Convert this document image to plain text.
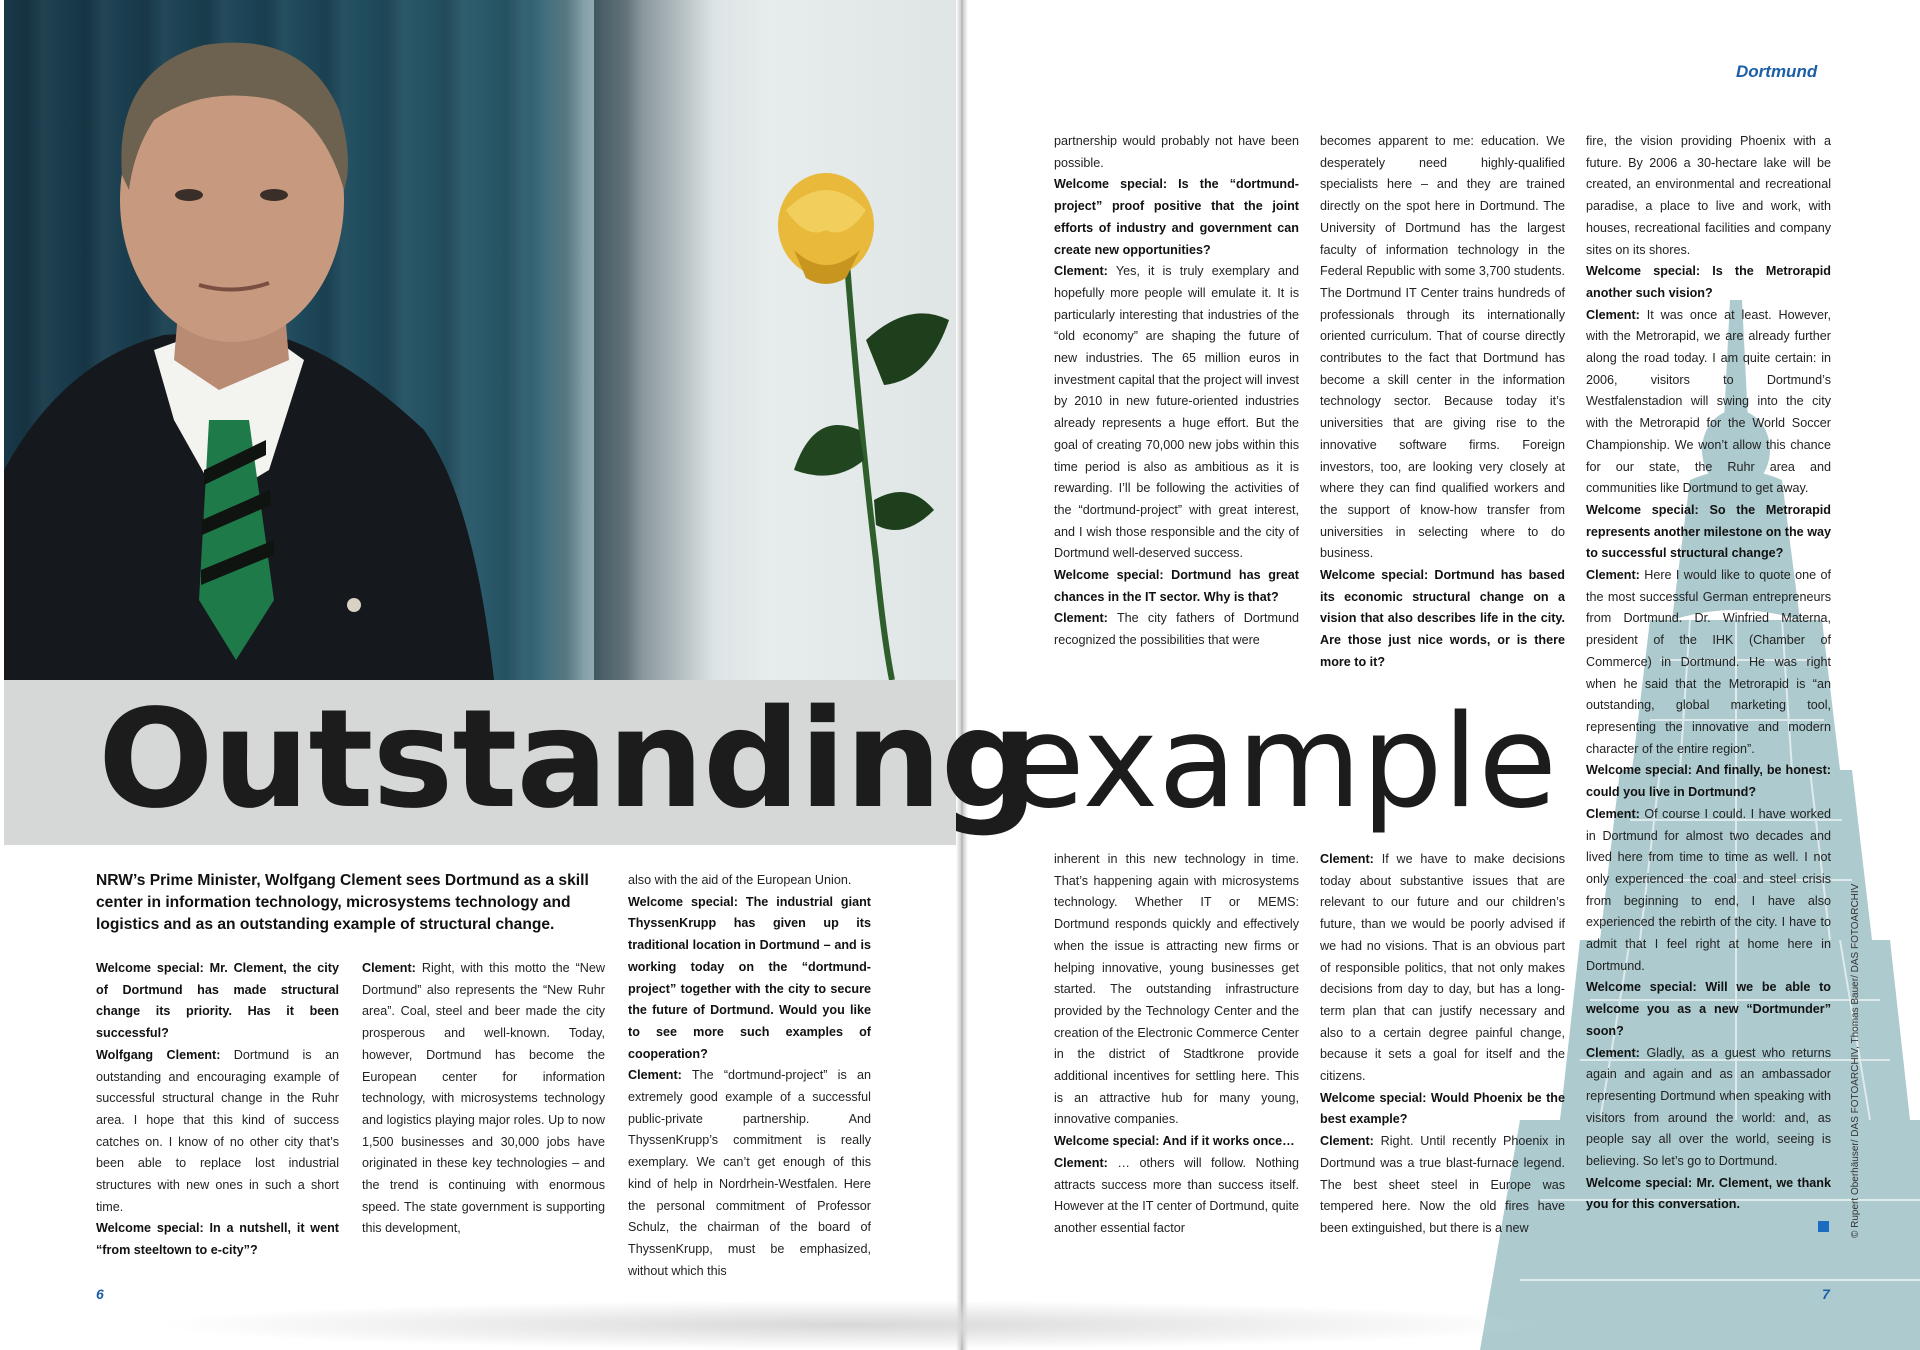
NRW’s Prime Minister, Wolfgang Clement sees Dortmund as a skill center in information technology, microsystems technology and logistics and as an outstanding example of structural change.

Welcome special: Mr. Clement, the city of Dortmund has made structural change its priority. Has it been successful?

Wolfgang Clement: Dortmund is an outstanding and encouraging example of successful structural change in the Ruhr area. I hope that this kind of success catches on. I know of no other city that’s been able to replace lost industrial structures with new ones in such a short time.

Welcome special: In a nutshell, it went “from steeltown to e-city”?

Clement: Right, with this motto the “New Dortmund” also represents the “New Ruhr area”. Coal, steel and beer made the city prosperous and well-known. Today, however, Dortmund has become the European center for information technology, with microsystems technology and logistics playing major roles. Up to now 1,500 businesses and 30,000 jobs have originated in these key technologies – and the trend is continuing with enormous speed. The state government is supporting this development,

also with the aid of the European Union.

Welcome special: The industrial giant ThyssenKrupp has given up its traditional location in Dortmund – and is working today on the “dortmund-project” together with the city to secure the future of Dortmund. Would you like to see more such examples of cooperation?

Clement: The “dortmund-project” is an extremely good example of a successful public-private partnership. And ThyssenKrupp’s commitment is really exemplary. We can’t get enough of this kind of help in Nordrhein-Westfalen. Here the personal commitment of Professor Schulz, the chairman of the board of ThyssenKrupp, must be emphasized, without which this

6
Dortmund

partnership would probably not have been possible.

Welcome special: Is the “dortmund-project” proof positive that the joint efforts of industry and government can create new opportunities?

Clement: Yes, it is truly exemplary and hopefully more people will emulate it. It is particularly interesting that industries of the “old economy” are shaping the future of new industries. The 65 million euros in investment capital that the project will invest by 2010 in new future-oriented industries already represents a huge effort. But the goal of creating 70,000 new jobs within this time period is also as ambitious as it is rewarding. I’ll be following the activities of the “dortmund-project” with great interest, and I wish those responsible and the city of Dortmund well-deserved success.

Welcome special: Dortmund has great chances in the IT sector. Why is that?

Clement: The city fathers of Dortmund recognized the possibilities that were

becomes apparent to me: education. We desperately need highly-qualified specialists here – and they are trained directly on the spot here in Dortmund. The University of Dortmund has the largest faculty of information technology in the Federal Republic with some 3,700 students. The Dortmund IT Center trains hundreds of professionals through its internationally oriented curriculum. That of course directly contributes to the fact that Dortmund has become a skill center in the information technology sector. Because today it’s universities that are giving rise to the innovative software firms. Foreign investors, too, are looking very closely at where they can find qualified workers and the support of know-how transfer from universities in selecting where to do business.

Welcome special: Dortmund has based its economic structural change on a vision that also describes life in the city. Are those just nice words, or is there more to it?

inherent in this new technology in time. That’s happening again with microsystems technology. Whether IT or MEMS: Dortmund responds quickly and effectively when the issue is attracting new firms or helping innovative, young businesses get started. The outstanding infrastructure provided by the Technology Center and the creation of the Electronic Commerce Center in the district of Stadtkrone provide additional incentives for settling here. This is an attractive hub for many young, innovative companies.

Welcome special: And if it works once…

Clement: … others will follow. Nothing attracts success more than success itself. However at the IT center of Dortmund, quite another essential factor

Clement: If we have to make decisions today about substantive issues that are relevant to our future and our children’s future, than we would be poorly advised if we had no visions. That is an obvious part of responsible politics, that not only makes decisions from day to day, but has a long-term plan that can justify necessary and also to a certain degree painful change, because it sets a goal for itself and the citizens.

Welcome special: Would Phoenix be the best example?

Clement: Right. Until recently Phoenix in Dortmund was a true blast-furnace legend. The best sheet steel in Europe was tempered here. Now the old fires have been extinguished, but there is a new

fire, the vision providing Phoenix with a future. By 2006 a 30-hectare lake will be created, an environmental and recreational paradise, a place to live and work, with houses, recreational facilities and company sites on its shores.

Welcome special: Is the Metrorapid another such vision?

Clement: It was once at least. However, with the Metrorapid, we are already further along the road today. I am quite certain: in 2006, visitors to Dortmund’s Westfalenstadion will swing into the city with the Metrorapid for the World Soccer Championship. We won’t allow this chance for our state, the Ruhr area and communities like Dortmund to get away.

Welcome special: So the Metrorapid represents another milestone on the way to successful structural change?

Clement: Here I would like to quote one of the most successful German entrepreneurs from Dortmund. Dr. Winfried Materna, president of the IHK (Chamber of Commerce) in Dortmund. He was right when he said that the Metrorapid is “an outstanding, global marketing tool, representing the innovative and modern character of the entire region”.

Welcome special: And finally, be honest: could you live in Dortmund?

Clement: Of course I could. I have worked in Dortmund for almost two decades and lived here from time to time as well. I not only experienced the coal and steel crisis from beginning to end, I have also experienced the rebirth of the city. I have to admit that I feel right at home here in Dortmund.

Welcome special: Will we be able to welcome you as a new “Dortmunder” soon?

Clement: Gladly, as a guest who returns again and again and as an ambassador representing Dortmund when speaking with visitors from around the world: and, as people say all over the world, seeing is believing. So let’s go to Dortmund.

Welcome special: Mr. Clement, we thank you for this conversation.	© Rupert Oberhäuser/ DAS FOTOARCHIV, Thomas Bauer/ DAS FOTOARCHIV
7
Outstanding
example
